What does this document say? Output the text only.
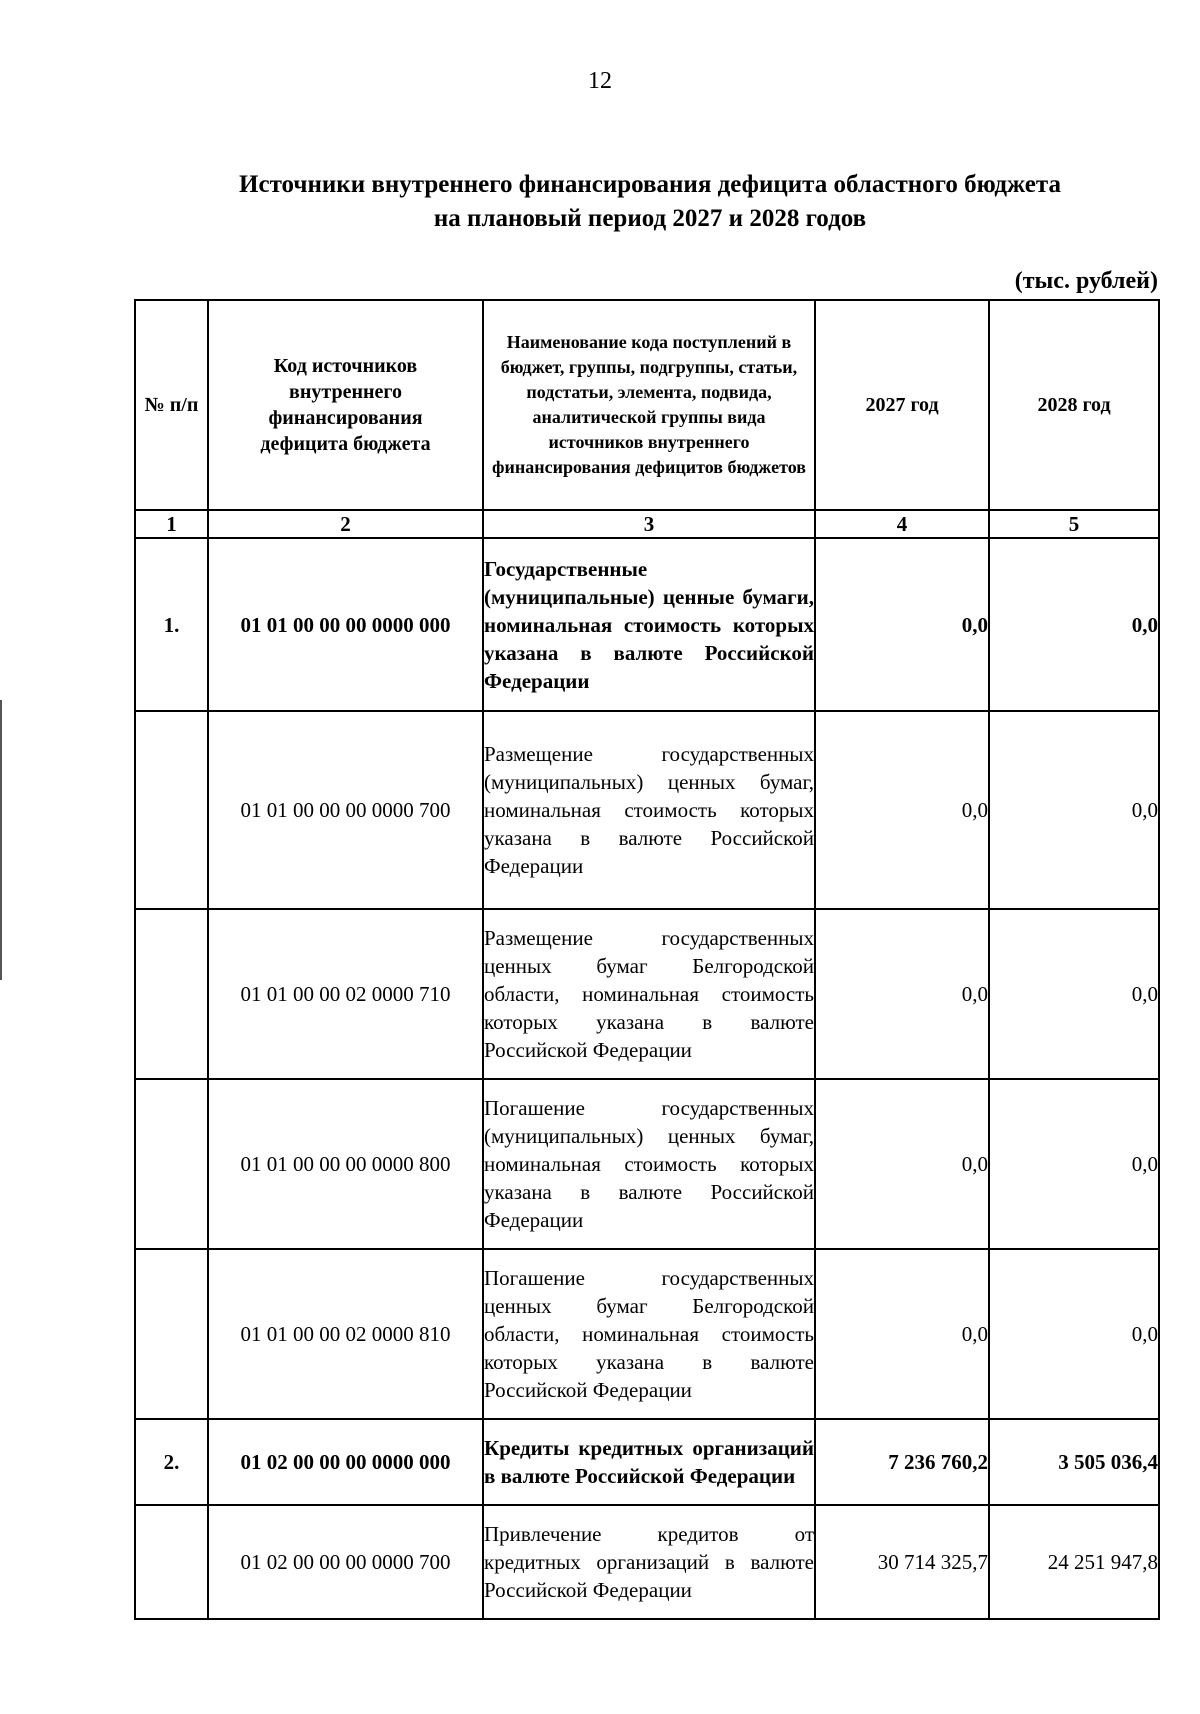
12
Источники внутреннего финансирования дефицита областного бюджета
на плановый период 2027 и 2028 годов
(тыс. рублей)
№ п/п	Код источников внутреннего финансирования дефицита бюджета	Наименование кода поступлений в бюджет, группы, подгруппы, статьи, подстатьи, элемента, подвида, аналитической группы вида источников внутреннего финансирования дефицитов бюджетов	2027 год	2028 год
1	2	3	4	5
1.	01 01 00 00 00 0000 000	Государственные (муниципальные) ценные бумаги, номинальная стоимость которых указана в валюте Российской Федерации	0,0	0,0
	01 01 00 00 00 0000 700	Размещение государственных (муниципальных) ценных бумаг, номинальная стоимость которых указана в валюте Российской Федерации	0,0	0,0
	01 01 00 00 02 0000 710	Размещение государственных ценных бумаг Белгородской области, номинальная стоимость которых указана в валюте Российской Федерации	0,0	0,0
	01 01 00 00 00 0000 800	Погашение государственных (муниципальных) ценных бумаг, номинальная стоимость которых указана в валюте Российской Федерации	0,0	0,0
	01 01 00 00 02 0000 810	Погашение государственных ценных бумаг Белгородской области, номинальная стоимость которых указана в валюте Российской Федерации	0,0	0,0
2.	01 02 00 00 00 0000 000	Кредиты кредитных организаций в валюте Российской Федерации	7 236 760,2	3 505 036,4
	01 02 00 00 00 0000 700	Привлечение кредитов от кредитных организаций в валюте Российской Федерации	30 714 325,7	24 251 947,8
